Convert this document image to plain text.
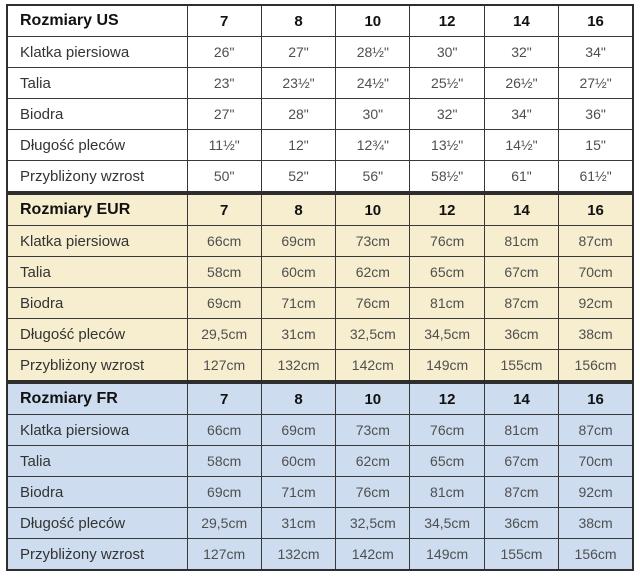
Rozmiary US	7	8	10	12	14	16
Klatka piersiowa	26"	27"	28½"	30"	32"	34"
Talia	23"	23½"	24½"	25½"	26½"	27½"
Biodra	27"	28"	30"	32"	34"	36"
Długość pleców	11½"	12"	12¾"	13½"	14½"	15"
Przybliżony wzrost	50"	52"	56"	58½"	61"	61½"
Rozmiary EUR	7	8	10	12	14	16
Klatka piersiowa	66cm	69cm	73cm	76cm	81cm	87cm
Talia	58cm	60cm	62cm	65cm	67cm	70cm
Biodra	69cm	71cm	76cm	81cm	87cm	92cm
Długość pleców	29,5cm	31cm	32,5cm	34,5cm	36cm	38cm
Przybliżony wzrost	127cm	132cm	142cm	149cm	155cm	156cm
Rozmiary FR	7	8	10	12	14	16
Klatka piersiowa	66cm	69cm	73cm	76cm	81cm	87cm
Talia	58cm	60cm	62cm	65cm	67cm	70cm
Biodra	69cm	71cm	76cm	81cm	87cm	92cm
Długość pleców	29,5cm	31cm	32,5cm	34,5cm	36cm	38cm
Przybliżony wzrost	127cm	132cm	142cm	149cm	155cm	156cm
